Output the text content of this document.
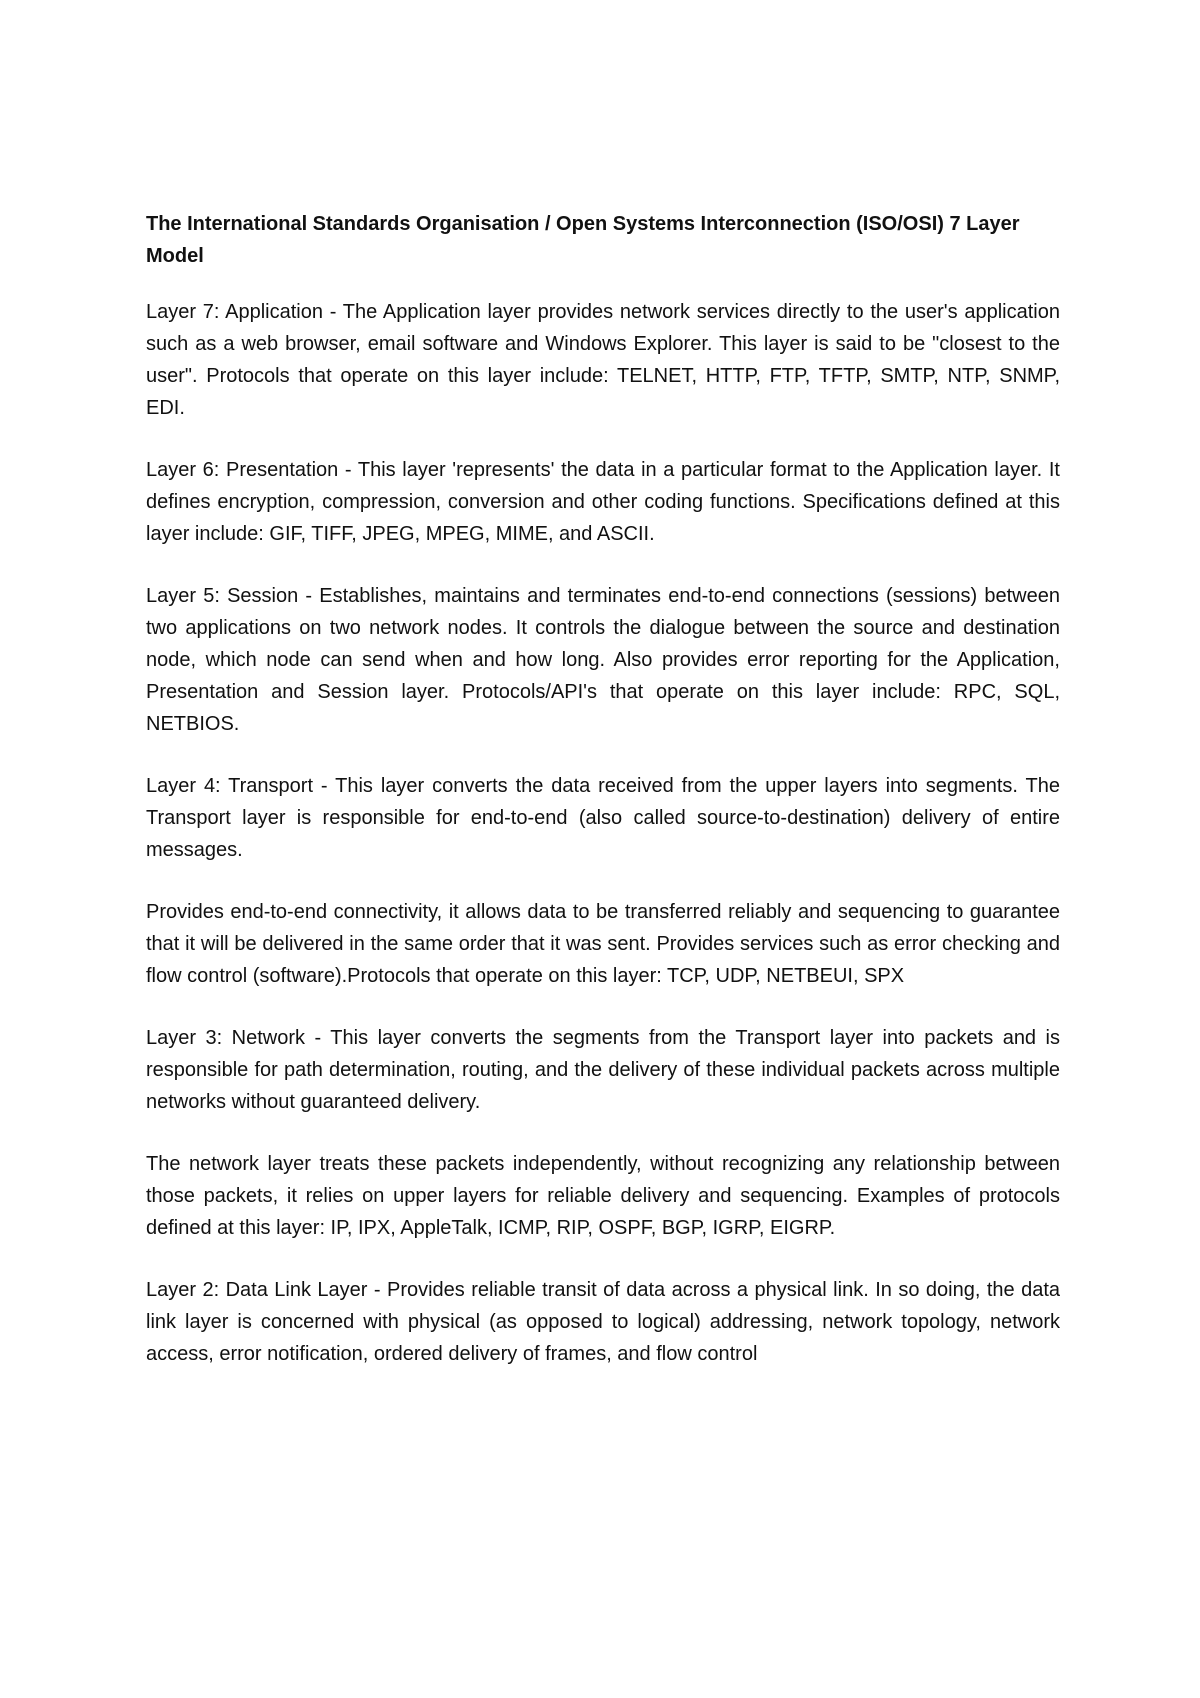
The International Standards Organisation / Open Systems Interconnection (ISO/OSI) 7 Layer Model

Layer 7: Application - The Application layer provides network services directly to the user's application such as a web browser, email software and Windows Explorer. This layer is said to be "closest to the user". Protocols that operate on this layer include: TELNET, HTTP, FTP, TFTP, SMTP, NTP, SNMP, EDI.

Layer 6: Presentation - This layer 'represents' the data in a particular format to the Application layer. It defines encryption, compression, conversion and other coding functions. Specifications defined at this layer include: GIF, TIFF, JPEG, MPEG, MIME, and ASCII.

Layer 5: Session - Establishes, maintains and terminates end-to-end connections (sessions) between two applications on two network nodes. It controls the dialogue between the source and destination node, which node can send when and how long. Also provides error reporting for the Application, Presentation and Session layer. Protocols/API's that operate on this layer include: RPC, SQL, NETBIOS.

Layer 4: Transport - This layer converts the data received from the upper layers into segments. The Transport layer is responsible for end-to-end (also called source-to-destination) delivery of entire messages.

Provides end-to-end connectivity, it allows data to be transferred reliably and sequencing to guarantee that it will be delivered in the same order that it was sent. Provides services such as error checking and flow control (software).Protocols that operate on this layer: TCP, UDP, NETBEUI, SPX

Layer 3: Network - This layer converts the segments from the Transport layer into packets and is responsible for path determination, routing, and the delivery of these individual packets across multiple networks without guaranteed delivery.

The network layer treats these packets independently, without recognizing any relationship between those packets, it relies on upper layers for reliable delivery and sequencing. Examples of protocols defined at this layer: IP, IPX, AppleTalk, ICMP, RIP, OSPF, BGP, IGRP, EIGRP.

Layer 2: Data Link Layer - Provides reliable transit of data across a physical link. In so doing, the data link layer is concerned with physical (as opposed to logical) addressing, network topology, network access, error notification, ordered delivery of frames, and flow control
